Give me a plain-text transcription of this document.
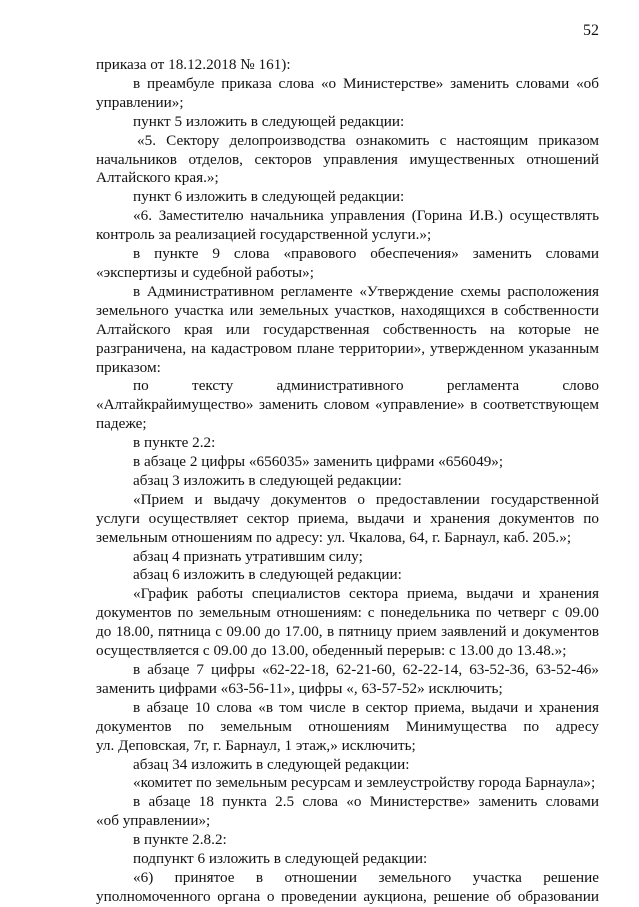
52
приказа от 18.12.2018 № 161):
в преамбуле приказа слова «о Министерстве» заменить словами «об
управлении»;
пункт 5 изложить в следующей редакции:
«5. Сектору делопроизводства ознакомить с настоящим приказом
начальников отделов, секторов управления имущественных отношений
Алтайского края.»;
пункт 6 изложить в следующей редакции:
«6. Заместителю начальника управления (Горина И.В.) осуществлять
контроль за реализацией государственной услуги.»;
в пункте 9 слова «правового обеспечения» заменить словами
«экспертизы и судебной работы»;
в Административном регламенте «Утверждение схемы расположения
земельного участка или земельных участков, находящихся в собственности
Алтайского края или государственная собственность на которые не
разграничена, на кадастровом плане территории», утвержденном указанным
приказом:
по тексту административного регламента слово
«Алтайкрайимущество» заменить словом «управление» в соответствующем
падеже;
в пункте 2.2:
в абзаце 2 цифры «656035» заменить цифрами «656049»;
абзац 3 изложить в следующей редакции:
«Прием и выдачу документов о предоставлении государственной
услуги осуществляет сектор приема, выдачи и хранения документов по
земельным отношениям по адресу: ул. Чкалова, 64, г. Барнаул, каб. 205.»;
абзац 4 признать утратившим силу;
абзац 6 изложить в следующей редакции:
«График работы специалистов сектора приема, выдачи и хранения
документов по земельным отношениям: с понедельника по четверг с 09.00
до 18.00, пятница с 09.00 до 17.00, в пятницу прием заявлений и документов
осуществляется с 09.00 до 13.00, обеденный перерыв: с 13.00 до 13.48.»;
в абзаце 7 цифры «62-22-18, 62-21-60, 62-22-14, 63-52-36, 63-52-46»
заменить цифрами «63-56-11», цифры «, 63-57-52» исключить;
в абзаце 10 слова «в том числе в сектор приема, выдачи и хранения
документов по земельным отношениям Минимущества по адресу
ул. Деповская, 7г, г. Барнаул, 1 этаж,» исключить;
абзац 34 изложить в следующей редакции:
«комитет по земельным ресурсам и землеустройству города Барнаула»;
в абзаце 18 пункта 2.5 слова «о Министерстве» заменить словами
«об управлении»;
в пункте 2.8.2:
подпункт 6 изложить в следующей редакции:
«6) принятое в отношении земельного участка решение
уполномоченного органа о проведении аукциона, решение об образовании
